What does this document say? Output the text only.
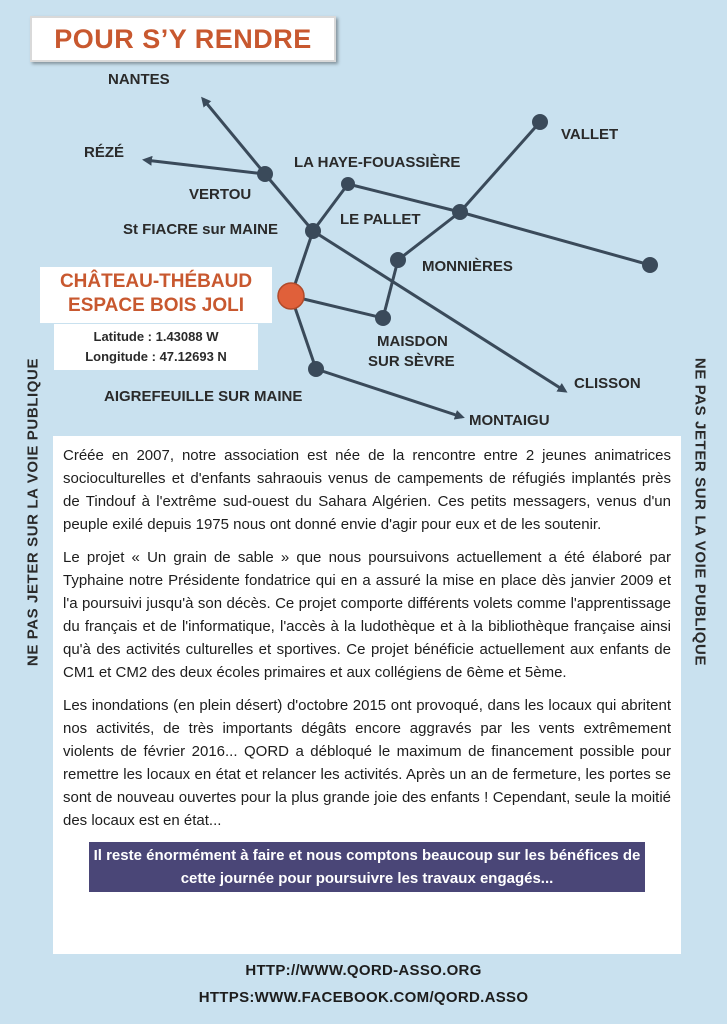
POUR S’Y RENDRE
NANTES
RÉZÉ
VERTOU
LA HAYE-FOUASSIÈRE
VALLET
LE PALLET
St FIACRE sur MAINE
MONNIÈRES
MAISDON
SUR SÈVRE
CLISSON
AIGREFEUILLE SUR MAINE
MONTAIGU
CHÂTEAU-THÉBAUD
ESPACE BOIS JOLI
Latitude : 1.43088 W
Longitude : 47.12693 N
NE PAS JETER SUR LA VOIE PUBLIQUE	NE PAS JETER SUR LA VOIE PUBLIQUE

Créée en 2007, notre association est née de la rencontre entre 2 jeunes animatrices socioculturelles et d'enfants sahraouis venus de campements de réfugiés implantés près de Tindouf à l'extrême sud-ouest du Sahara Algérien. Ces petits messagers, venus d'un peuple exilé depuis 1975 nous ont donné envie d'agir pour eux et de les soutenir.

Le projet « Un grain de sable » que nous poursuivons actuellement a été élaboré par Typhaine notre Présidente fondatrice qui en a assuré la mise en place dès janvier 2009 et l'a poursuivi jusqu'à son décès. Ce projet comporte différents volets comme l'apprentissage du français et de l'informatique, l'accès à la ludothèque et à la bibliothèque française ainsi qu'à des activités culturelles et sportives. Ce projet bénéficie actuellement aux enfants de CM1 et CM2 des deux écoles primaires et aux collégiens de 6ème et 5ème.

Les inondations (en plein désert) d'octobre 2015 ont provoqué, dans les locaux qui abritent nos activités, de très importants dégâts encore aggravés par les vents extrêmement violents de février 2016... QORD a débloqué le maximum de financement possible pour remettre les locaux en état et relancer les activités. Après un an de fermeture, les portes se sont de nouveau ouvertes pour la plus grande joie des enfants ! Cependant, seule la moitié des locaux est en état...

Il reste énormément à faire et nous comptons beaucoup sur les bénéfices de cette journée pour poursuivre les travaux engagés...
HTTP://WWW.QORD-ASSO.ORG
HTTPS:WWW.FACEBOOK.COM/QORD.ASSO
